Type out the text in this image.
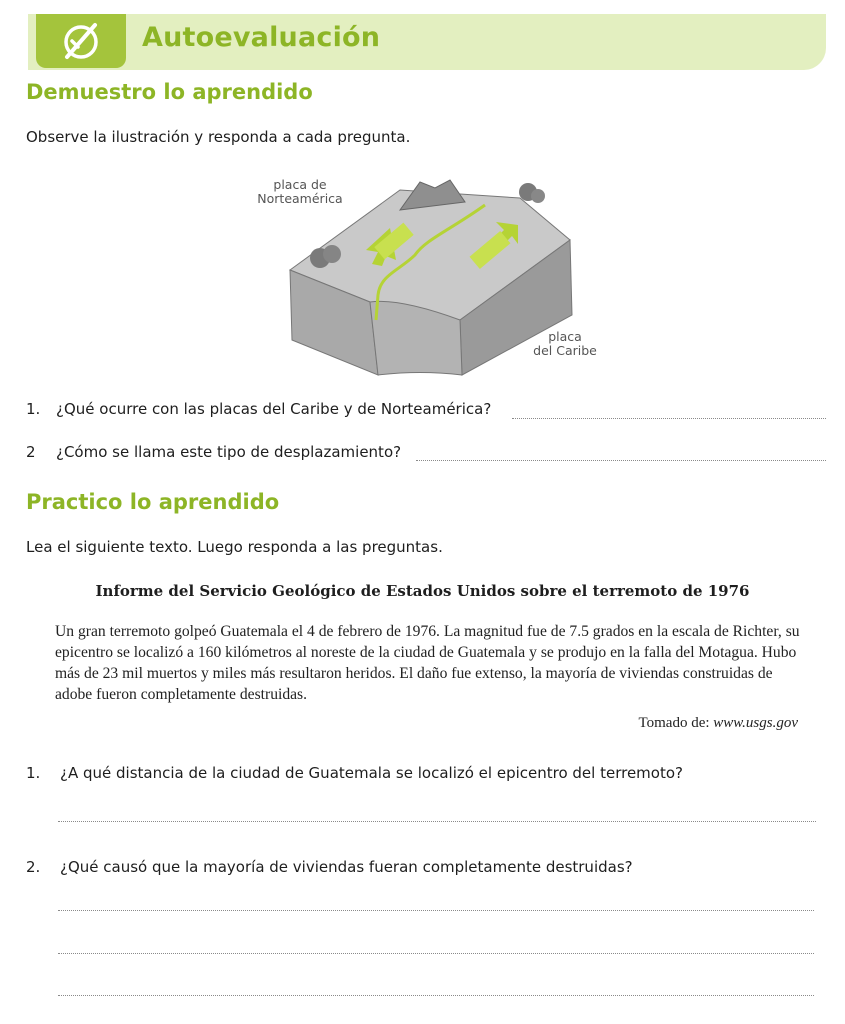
Autoevaluación
Demuestro lo aprendido
Observe la ilustración y responda a cada pregunta.
placa de
Norteamérica
placa
del Caribe
1.	¿Qué ocurre con las placas del Caribe y de Norteamérica?
2	¿Cómo se llama este tipo de desplazamiento?
Practico lo aprendido
Lea el siguiente texto. Luego responda a las preguntas.
Informe del Servicio Geológico de Estados Unidos sobre el terremoto de 1976
Un gran terremoto golpeó Guatemala el 4 de febrero de 1976. La magnitud fue de 7.5 grados en la escala de Richter, su epicentro se localizó a 160 kilómetros al noreste de la ciudad de Guatemala y se produjo en la falla del Motagua. Hubo más de 23 mil muertos y miles más resultaron heridos. El daño fue extenso, la mayoría de viviendas construidas de adobe fueron completamente destruidas.
Tomado de: www.usgs.gov
1.	¿A qué distancia de la ciudad de Guatemala se localizó el epicentro del terremoto?
2.	¿Qué causó que la mayoría de viviendas fueran completamente destruidas?
